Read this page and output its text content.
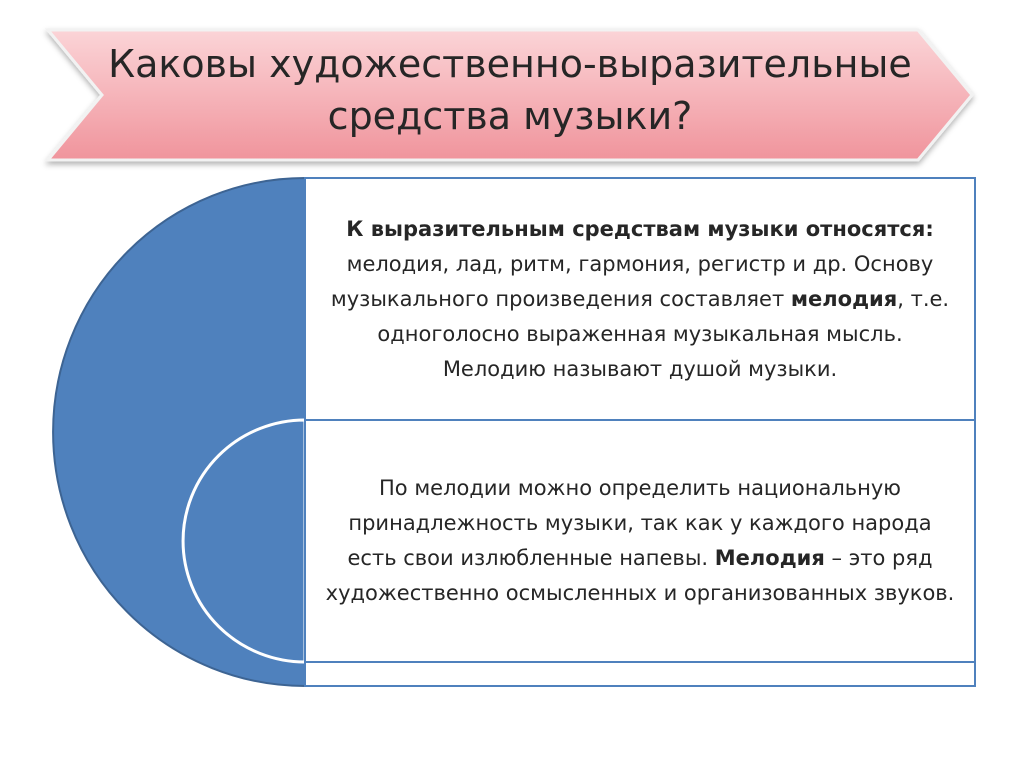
Каковы художественно-выразительные средства музыки?

К выразительным средствам музыки относятся: мелодия, лад, ритм, гармония, регистр и др. Основу музыкального произведения составляет мелодия, т.е. одноголосно выраженная музыкальная мысль. Мелодию называют душой музыки.

По мелодии можно определить национальную принадлежность музыки, так как у каждого народа есть свои излюбленные напевы. Мелодия – это ряд художественно осмысленных и организованных звуков.
